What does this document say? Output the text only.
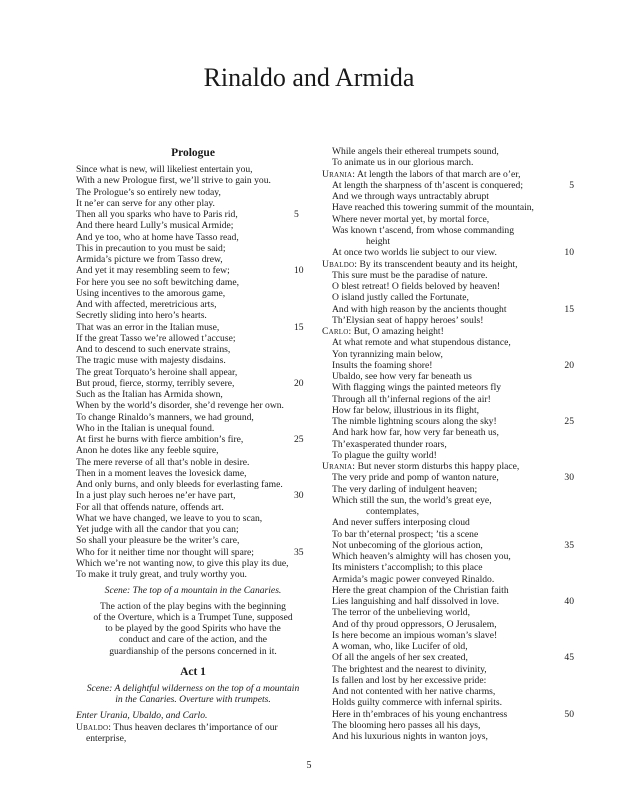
Rinaldo and Armida
Prologue
Since what is new, will likeliest entertain you,
With a new Prologue first, we’ll strive to gain you.
The Prologue’s so entirely new today,
It ne’er can serve for any other play.
Then all you sparks who have to Paris rid,	5
And there heard Lully’s musical Armide;
And ye too, who at home have Tasso read,
This in precaution to you must be said;
Armida’s picture we from Tasso drew,
And yet it may resembling seem to few;	10
For here you see no soft bewitching dame,
Using incentives to the amorous game,
And with affected, meretricious arts,
Secretly sliding into hero’s hearts.
That was an error in the Italian muse,	15
If the great Tasso we’re allowed t’accuse;
And to descend to such enervate strains,
The tragic muse with majesty disdains.
The great Torquato’s heroine shall appear,
But proud, fierce, stormy, terribly severe,	20
Such as the Italian has Armida shown,
When by the world’s disorder, she’d revenge her own.
To change Rinaldo’s manners, we had ground,
Who in the Italian is unequal found.
At first he burns with fierce ambition’s fire,	25
Anon he dotes like any feeble squire,
The mere reverse of all that’s noble in desire.
Then in a moment leaves the lovesick dame,
And only burns, and only bleeds for everlasting fame.
In a just play such heroes ne’er have part,	30
For all that offends nature, offends art.
What we have changed, we leave to you to scan,
Yet judge with all the candor that you can;
So shall your pleasure be the writer’s care,
Who for it neither time nor thought will spare;	35
Which we’re not wanting now, to give this play its due,
To make it truly great, and truly worthy you.
Scene: The top of a mountain in the Canaries.
The action of the play begins with the beginning
of the Overture, which is a Trumpet Tune, supposed
to be played by the good Spirits who have the
conduct and care of the action, and the
guardianship of the persons concerned in it.
Act 1
Scene: A delightful wilderness on the top of a mountain
in the Canaries. Overture with trumpets.
Enter Urania, Ubaldo, and Carlo.
Ubaldo: Thus heaven declares th’importance of our
enterprise,
While angels their ethereal trumpets sound,
To animate us in our glorious march.
Urania: At length the labors of that march are o’er,
At length the sharpness of th’ascent is conquered;	5
And we through ways untractably abrupt
Have reached this towering summit of the mountain,
Where never mortal yet, by mortal force,
Was known t’ascend, from whose commanding
height
At once two worlds lie subject to our view.	10
Ubaldo: By its transcendent beauty and its height,
This sure must be the paradise of nature.
O blest retreat! O fields beloved by heaven!
O island justly called the Fortunate,
And with high reason by the ancients thought	15
Th’Elysian seat of happy heroes’ souls!
Carlo: But, O amazing height!
At what remote and what stupendous distance,
Yon tyrannizing main below,
Insults the foaming shore!	20
Ubaldo, see how very far beneath us
With flagging wings the painted meteors fly
Through all th’infernal regions of the air!
How far below, illustrious in its flight,
The nimble lightning scours along the sky!	25
And hark how far, how very far beneath us,
Th’exasperated thunder roars,
To plague the guilty world!
Urania: But never storm disturbs this happy place,
The very pride and pomp of wanton nature,	30
The very darling of indulgent heaven;
Which still the sun, the world’s great eye,
contemplates,
And never suffers interposing cloud
To bar th’eternal prospect; ’tis a scene
Not unbecoming of the glorious action,	35
Which heaven’s almighty will has chosen you,
Its ministers t’accomplish; to this place
Armida’s magic power conveyed Rinaldo.
Here the great champion of the Christian faith
Lies languishing and half dissolved in love.	40
The terror of the unbelieving world,
And of thy proud oppressors, O Jerusalem,
Is here become an impious woman’s slave!
A woman, who, like Lucifer of old,
Of all the angels of her sex created,	45
The brightest and the nearest to divinity,
Is fallen and lost by her excessive pride:
And not contented with her native charms,
Holds guilty commerce with infernal spirits.
Here in th’embraces of his young enchantress	50
The blooming hero passes all his days,
And his luxurious nights in wanton joys,
5
